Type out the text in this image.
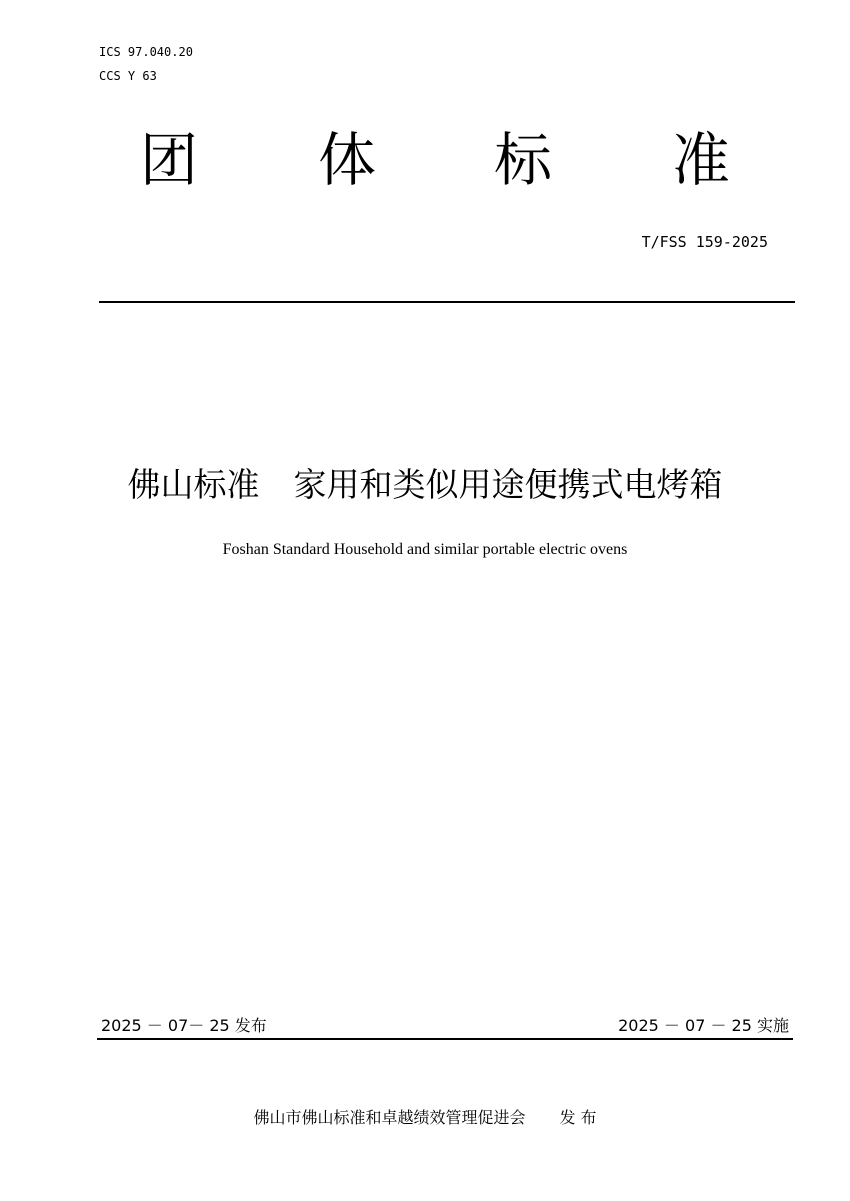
ICS 97.040.20
CCS Y 63
团 体 标 准
T/FSS 159-2025
佛山标准 家用和类似用途便携式电烤箱
Foshan Standard Household and similar portable electric ovens
2025 － 07－ 25 发布	2025 － 07 － 25 实施
佛山市佛山标准和卓越绩效管理促进会 发 布
